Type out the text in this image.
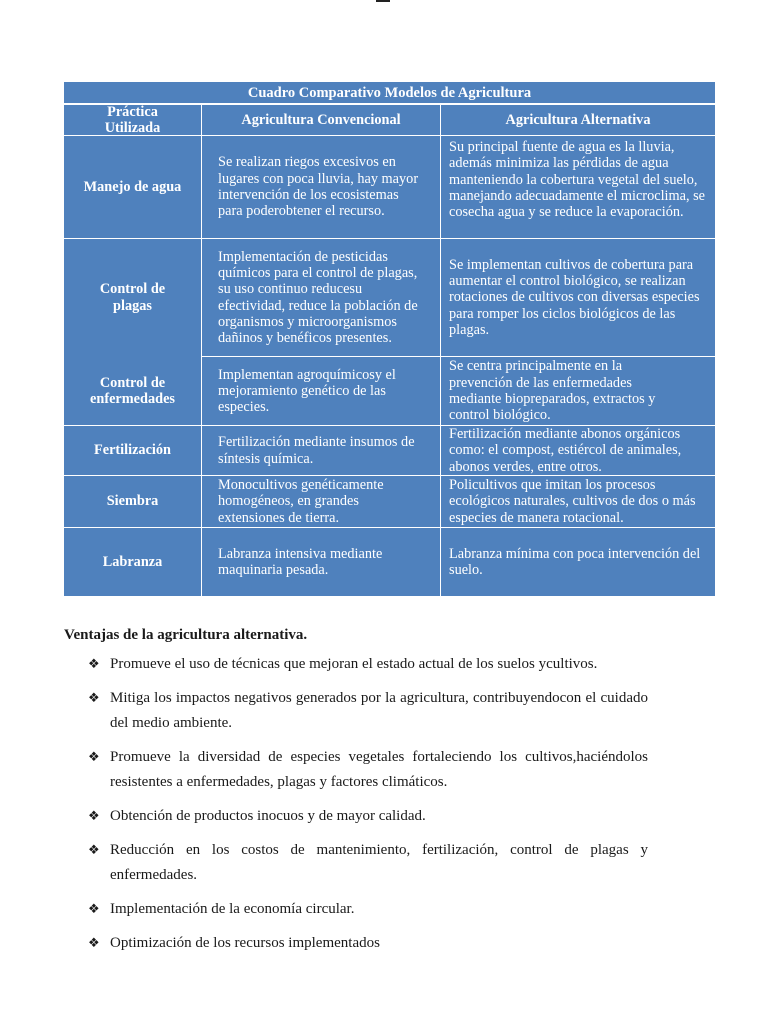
Cuadro Comparativo Modelos de Agricultura
Práctica Utilizada
Agricultura Convencional	Agricultura Alternativa
Manejo de agua
Se realizan riegos excesivos en lugares con poca lluvia, hay mayor intervención de los ecosistemas para poderobtener el recurso.
Su principal fuente de agua es la lluvia, además minimiza las pérdidas de agua manteniendo la cobertura vegetal del suelo, manejando adecuadamente el microclima, se cosecha agua y se reduce la evaporación.
Control de plagas
Implementación de pesticidas químicos para el control de plagas, su uso continuo reducesu efectividad, reduce la población de organismos y microorganismos dañinos y benéficos presentes.
Se implementan cultivos de cobertura para aumentar el control biológico, se realizan rotaciones de cultivos con diversas especies para romper los ciclos biológicos de las plagas.
Control de enfermedades
Implementan agroquímicosy el mejoramiento genético de las especies.
Se centra principalmente en la prevención de las enfermedades mediante biopreparados, extractos y control biológico.
Fertilización
Fertilización mediante insumos de síntesis química.
Fertilización mediante abonos orgánicos como: el compost, estiércol de animales, abonos verdes, entre otros.
Siembra
Monocultivos genéticamente homogéneos, en grandes extensiones de tierra.
Policultivos que imitan los procesos ecológicos naturales, cultivos de dos o más especies de manera rotacional.
Labranza
Labranza intensiva mediante maquinaria pesada.
Labranza mínima con poca intervención del suelo.
Ventajas de la agricultura alternativa.
❖ Promueve el uso de técnicas que mejoran el estado actual de los suelos ycultivos.
❖ Mitiga los impactos negativos generados por la agricultura, contribuyendocon el cuidado del medio ambiente.
❖ Promueve la diversidad de especies vegetales fortaleciendo los cultivos,haciéndolos resistentes a enfermedades, plagas y factores climáticos.
❖ Obtención de productos inocuos y de mayor calidad.
❖ Reducción en los costos de mantenimiento, fertilización, control de plagas y enfermedades.
❖ Implementación de la economía circular.
❖ Optimización de los recursos implementados
